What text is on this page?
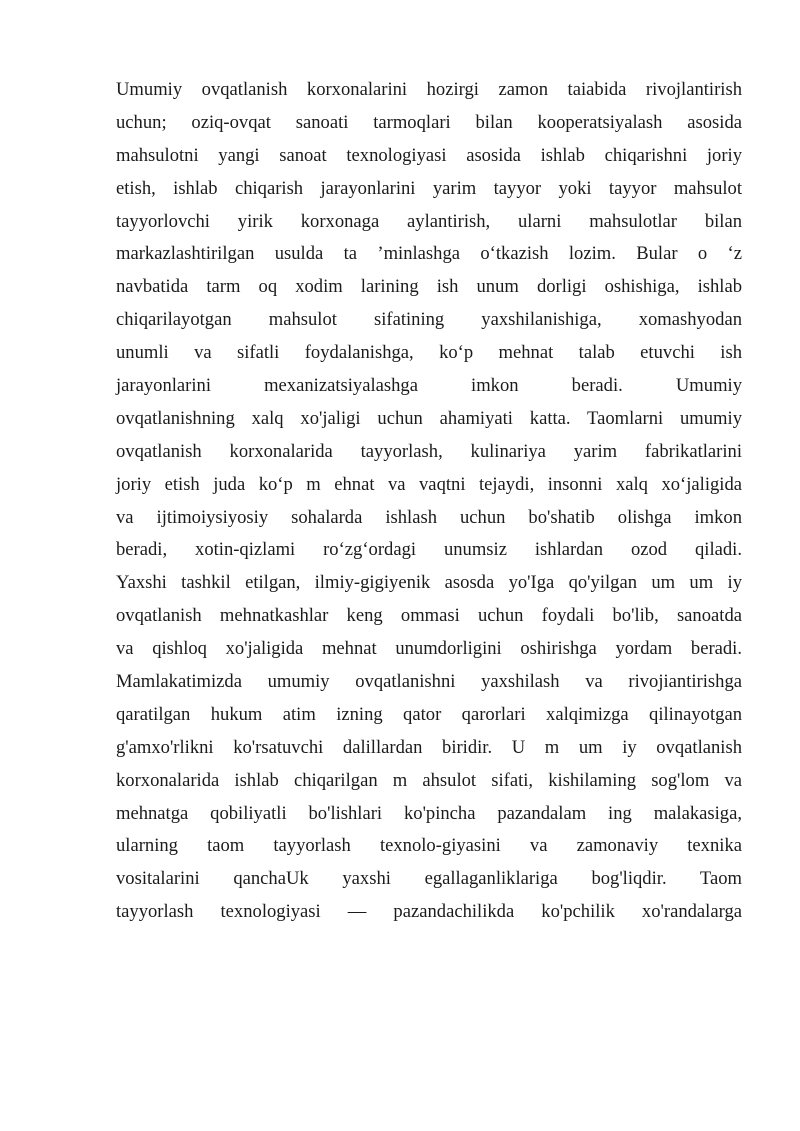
Umumiy ovqatlanish korxonalarini hozirgi zamon taiabida rivojlantirish
uchun; oziq-ovqat sanoati tarmoqlari bilan kooperatsiyalash asosida
mahsulotni yangi sanoat texnologiyasi asosida ishlab chiqarishni joriy
etish, ishlab chiqarish jarayonlarini yarim tayyor yoki tayyor mahsulot
tayyorlovchi yirik korxonaga aylantirish, ularni mahsulotlar bilan
markazlashtirilgan usulda ta ’minlashga o‘tkazish lozim. Bular o ‘z
navbatida tarm oq xodim larining ish unum dorligi oshishiga, ishlab
chiqarilayotgan mahsulot sifatining yaxshilanishiga, xomashyodan
unumli va sifatli foydalanishga, ko‘p mehnat talab etuvchi ish
jarayonlarini mexanizatsiyalashga imkon beradi. Umumiy
ovqatlanishning xalq xo'jaligi uchun ahamiyati katta. Taomlarni umumiy
ovqatlanish korxonalarida tayyorlash, kulinariya yarim fabrikatlarini
joriy etish juda ko‘p m ehnat va vaqtni tejaydi, insonni xalq xo‘jaligida
va ijtimoiysiyosiy sohalarda ishlash uchun bo'shatib olishga imkon
beradi, xotin-qizlami ro‘zg‘ordagi unumsiz ishlardan ozod qiladi.
Yaxshi tashkil etilgan, ilmiy-gigiyenik asosda yo'Iga qo'yilgan um um iy
ovqatlanish mehnatkashlar keng ommasi uchun foydali bo'lib, sanoatda
va qishloq xo'jaligida mehnat unumdorligini oshirishga yordam beradi.
Mamlakatimizda umumiy ovqatlanishni yaxshilash va rivojiantirishga
qaratilgan hukum atim izning qator qarorlari xalqimizga qilinayotgan
g'amxo'rlikni ko'rsatuvchi dalillardan biridir. U m um iy ovqatlanish
korxonalarida ishlab chiqarilgan m ahsulot sifati, kishilaming sog'lom va
mehnatga qobiliyatli bo'lishlari ko'pincha pazandalam ing malakasiga,
ularning taom tayyorlash texnolo-giyasini va zamonaviy texnika
vositalarini qanchaUk yaxshi egallaganliklariga bog'liqdir. Taom
tayyorlash texnologiyasi — pazandachilikda ko'pchilik xo'randalarga
